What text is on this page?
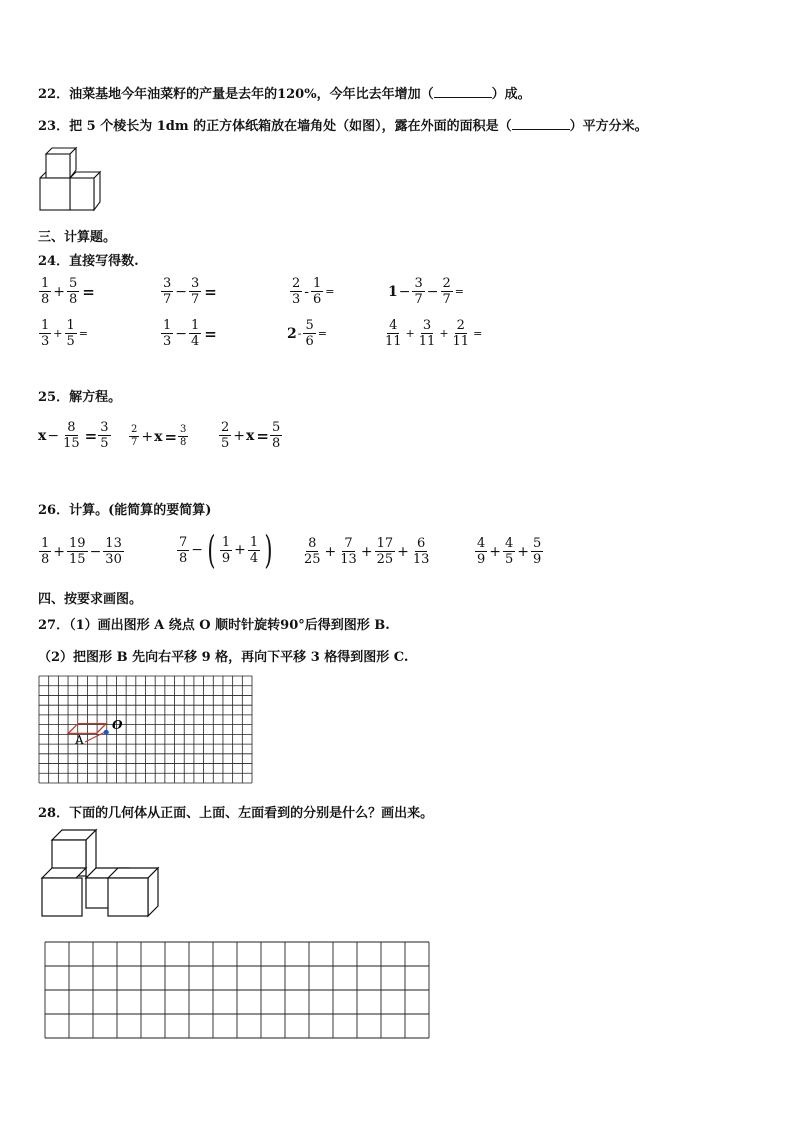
22．油菜基地今年油菜籽的产量是去年的120%，今年比去年增加（	）成。
23．把 5 个棱长为 1dm 的正方体纸箱放在墙角处（如图），露在外面的面积是（	）平方分米。
三、计算题。
24．直接写得数.
$\frac{1}{8} + \frac{5}{8}$ =	$\frac{3}{7} - \frac{3}{7}$ =	$\frac{2}{3} - \frac{1}{6}$ =	$1 - \frac{3}{7} - \frac{2}{7}$ =
$\frac{1}{3} + \frac{1}{5}$ =	$\frac{1}{3} - \frac{1}{4}$ =	$2 - \frac{5}{6}$ =	$\frac{4}{11} + \frac{3}{11} + \frac{2}{11}$ =
25．解方程。
$x - \frac{8}{15} = \frac{3}{5} \frac{2}{7} + x = \frac{3}{8} \frac{2}{5} + x = \frac{5}{8}$
26．计算。(能简算的要简算)
$\frac{1}{8} + \frac{19}{15} - \frac{13}{30}$	$\frac{7}{8}$ − ( $\frac{1}{9} + \frac{1}{4}$ ) $\frac{8}{25} + \frac{7}{13} + \frac{17}{25} + \frac{6}{13}$	$\frac{4}{9} + \frac{4}{5} + \frac{5}{9}$
四、按要求画图。
27．（1）画出图形 A 绕点 O 顺时针旋转90°后得到图形 B.
（2）把图形 B 先向右平移 9 格，再向下平移 3 格得到图形 C.
A
O
28．下面的几何体从正面、上面、左面看到的分别是什么？画出来。
